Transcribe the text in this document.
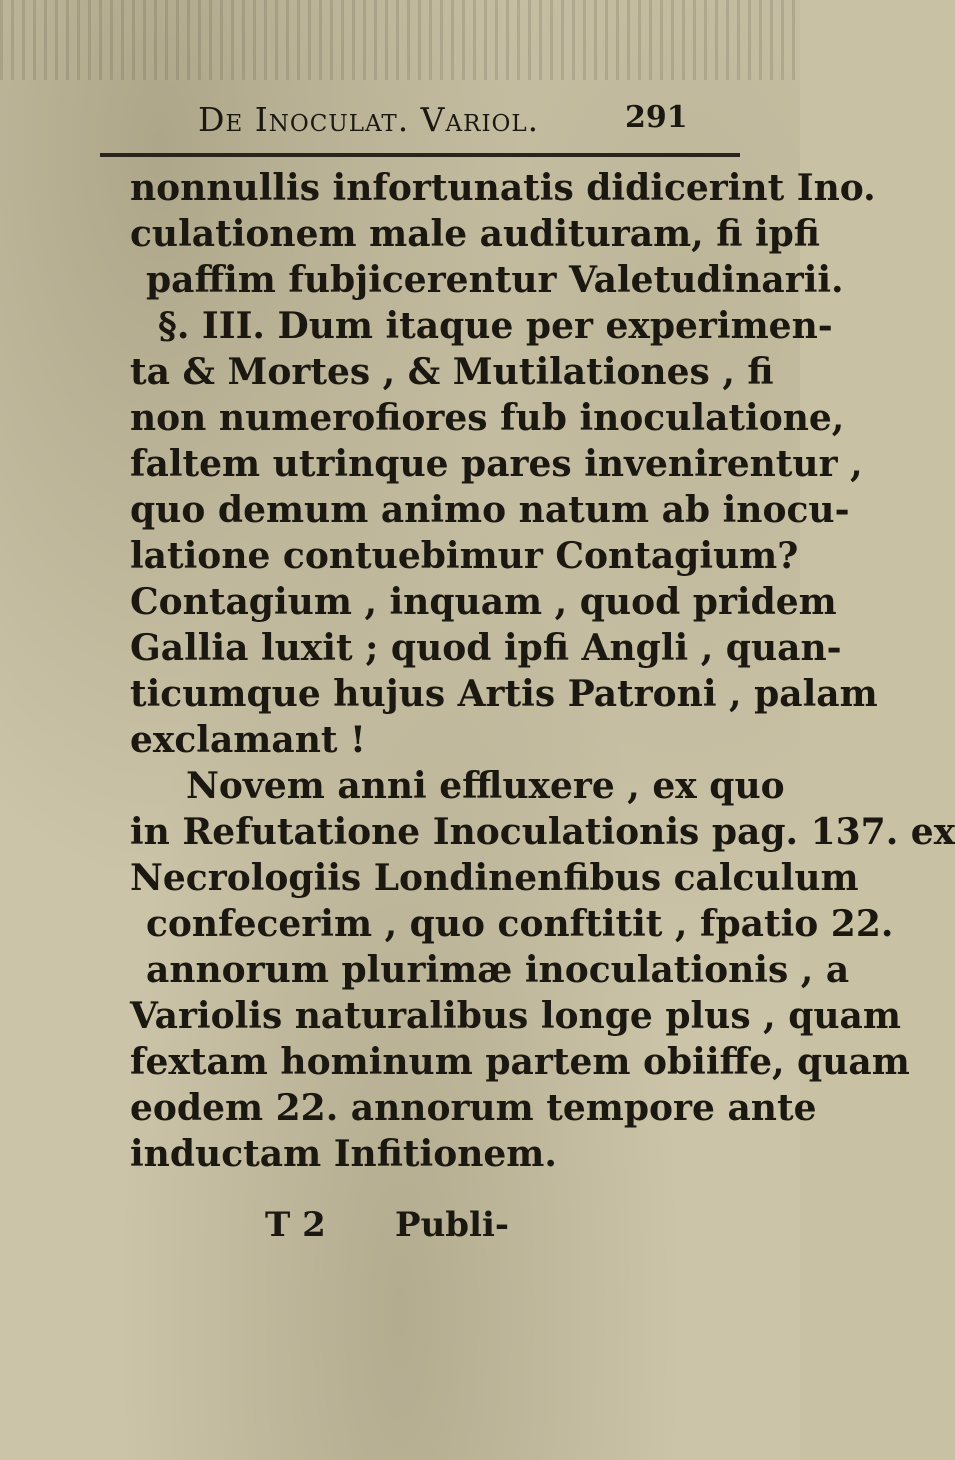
De Inoculat. Variol.	291
nonnullis infortunatis didicerint Ino.
culationem male audituram, fi ipfi
paffim fubjicerentur Valetudinarii.
§. III. Dum itaque per experimen-
ta & Mortes , & Mutilationes , fi
non numerofiores fub inoculatione,
faltem utrinque pares invenirentur ,
quo demum animo natum ab inocu-
latione contuebimur Contagium?
Contagium , inquam , quod pridem
Gallia luxit ; quod ipfi Angli , quan-
ticumque hujus Artis Patroni , palam
exclamant !
Novem anni effluxere , ex quo
in Refutatione Inoculationis pag. 137. ex
Necrologiis Londinenfibus calculum
confecerim , quo conftitit , fpatio 22.
annorum plurimæ inoculationis , a
Variolis naturalibus longe plus , quam
fextam hominum partem obiiffe, quam
eodem 22. annorum tempore ante
inductam Infitionem.
T 2 Publi-
